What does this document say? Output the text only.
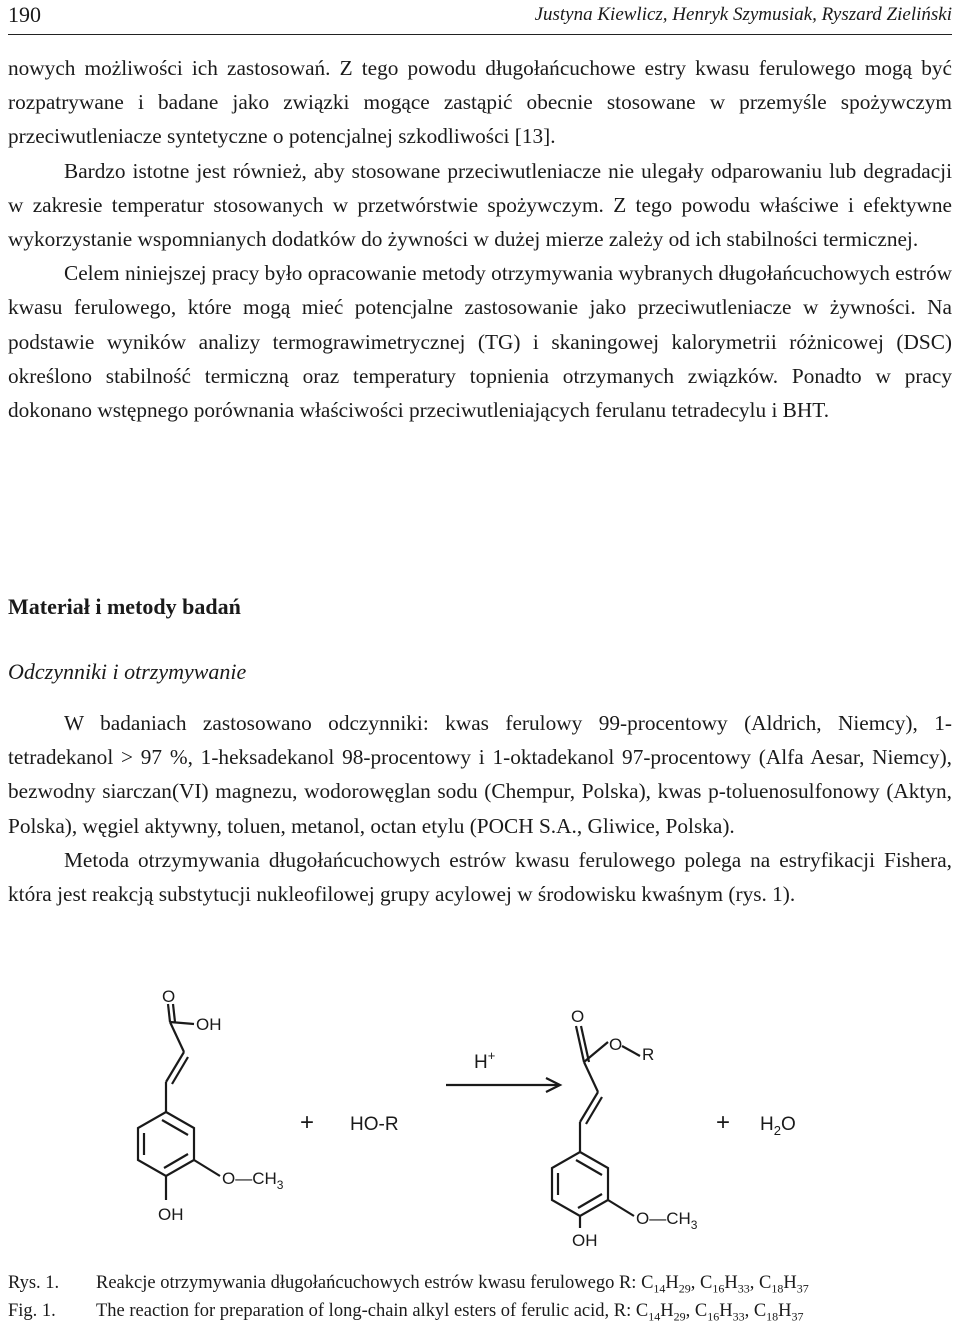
190	Justyna Kiewlicz, Henryk Szymusiak, Ryszard Zieliński

nowych możliwości ich zastosowań. Z tego powodu długołańcuchowe estry kwasu ferulowego mogą być rozpatrywane i badane jako związki mogące zastąpić obecnie stosowane w przemyśle spożywczym przeciwutleniacze syntetyczne o potencjalnej szkodliwości [13].

Bardzo istotne jest również, aby stosowane przeciwutleniacze nie ulegały odparowaniu lub degradacji w zakresie temperatur stosowanych w przetwórstwie spożywczym. Z tego powodu właściwe i efektywne wykorzystanie wspomnianych dodatków do żywności w dużej mierze zależy od ich stabilności termicznej.

Celem niniejszej pracy było opracowanie metody otrzymywania wybranych długołańcuchowych estrów kwasu ferulowego, które mogą mieć potencjalne zastosowanie jako przeciwutleniacze w żywności. Na podstawie wyników analizy termograwimetrycznej (TG) i skaningowej kalorymetrii różnicowej (DSC) określono stabilność termiczną oraz temperatury topnienia otrzymanych związków. Ponadto w pracy dokonano wstępnego porównania właściwości przeciwutleniających ferulanu tetradecylu i BHT.

Materiał i metody badań
Odczynniki i otrzymywanie

W badaniach zastosowano odczynniki: kwas ferulowy 99-procentowy (Aldrich, Niemcy), 1-tetradekanol > 97 %, 1-heksadekanol 98-procentowy i 1-oktadekanol 97-procentowy (Alfa Aesar, Niemcy), bezwodny siarczan(VI) magnezu, wodorowęglan sodu (Chempur, Polska), kwas p-toluenosulfonowy (Aktyn, Polska), węgiel aktywny, toluen, metanol, octan etylu (POCH S.A., Gliwice, Polska).

Metoda otrzymywania długołańcuchowych estrów kwasu ferulowego polega na estryfikacji Fishera, która jest reakcją substytucji nukleofilowej grupy acylowej w środowisku kwaśnym (rys. 1).

O
OH
$O—CH_3$
OH
+ HO-R
H+
O
O
R
$O—CH_3$
OH
+ $H_2O$
Rys. 1. Reakcje otrzymywania długołańcuchowych estrów kwasu ferulowego R: $C_{14}H_{29}$, $C_{16}H_{33}$, $C_{18}H_{37}$
Fig. 1. The reaction for preparation of long-chain alkyl esters of ferulic acid, R: $C_{14}H_{29}$, $C_{16}H_{33}$, $C_{18}H_{37}$
